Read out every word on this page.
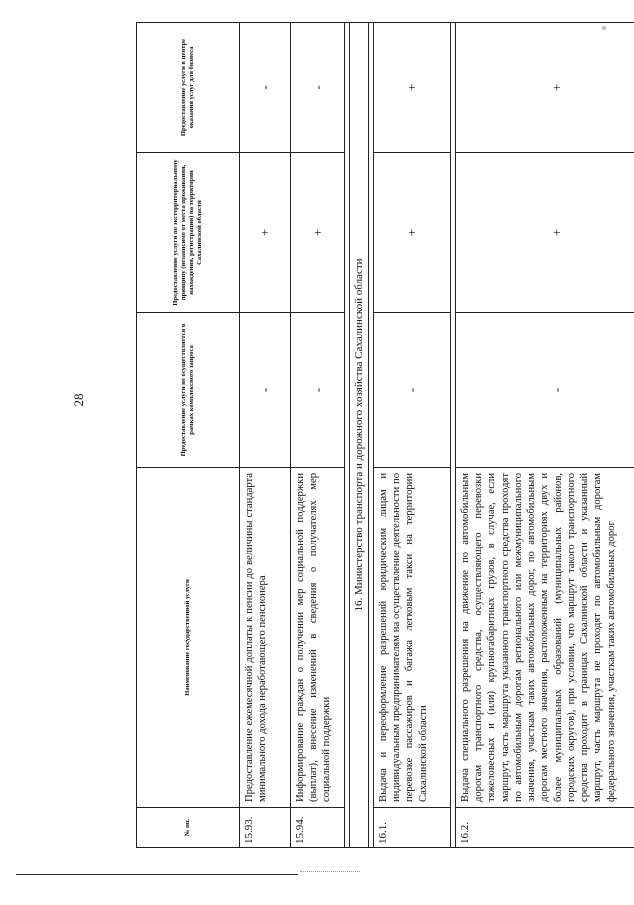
28
№ пп.	Наименование государственной услуги	Предоставление услуги не осуществляется в рамках комплексного запроса	Предоставление услуги по экстерриториальному принципу (независимо от места проживания, нахождения, регистрации) на территории Сахалинской области	Предоставление услуги в центре оказания услуг для бизнеса
15.93.	Предоставление ежемесячной доплаты к пенсии до величины стандарта минимального дохода неработающего пенсионера	-	+	-
15.94.	Информирование граждан о получении мер социальной поддержки (выплат), внесение изменений в сведения о получателях мер социальной поддержки	-	+	-

16. Министерство транспорта и дорожного хозяйства Сахалинской области				

16.1.	Выдача и переоформление разрешений юридическим лицам и индивидуальным предпринимателям на осуществление деятельности по перевозке пассажиров и багажа легковым такси на территории Сахалинской области	-	+	+

16.2.	Выдача специального разрешения на движение по автомобильным дорогам транспортного средства, осуществляющего перевозки тяжеловесных и (или) крупногабаритных грузов, в случае, если маршрут, часть маршрута указанного транспортного средства проходят по автомобильным дорогам регионального или межмуниципального значения, участкам таких автомобильных дорог, по автомобильным дорогам местного значения, расположенным на территориях двух и более муниципальных образований (муниципальных районов, городских округов), при условии, что маршрут такого транспортного средства проходит в границах Сахалинской области и указанный маршрут, часть маршрута не проходят по автомобильным дорогам федерального значения, участкам таких автомобильных дорог	-	+	+
